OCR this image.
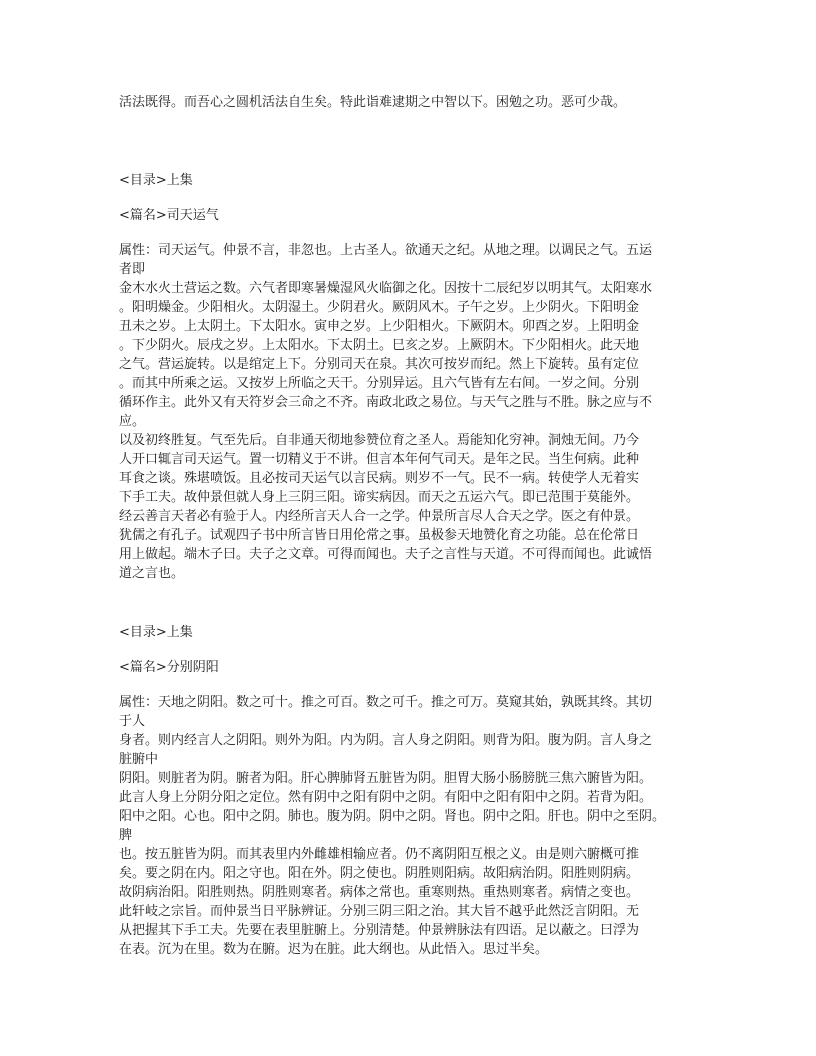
活法既得。而吾心之圆机活法自生矣。特此诣难逮期之中智以下。困勉之功。恶可少哉。

<目录>上集

<篇名>司天运气

属性：司天运气。仲景不言，非忽也。上古圣人。欲通天之纪。从地之理。以调民之气。五运

者即

金木水火土营运之数。六气者即寒暑燥湿风火临御之化。因按十二辰纪岁以明其气。太阳寒水

。阳明燥金。少阳相火。太阴湿土。少阴君火。厥阴风木。子午之岁。上少阴火。下阳明金

丑未之岁。上太阴土。下太阳水。寅申之岁。上少阳相火。下厥阴木。卯酉之岁。上阳明金

。下少阴火。辰戌之岁。上太阳水。下太阴土。巳亥之岁。上厥阴木。下少阳相火。此天地

之气。营运旋转。以是绾定上下。分别司天在泉。其次可按岁而纪。然上下旋转。虽有定位

。而其中所乘之运。又按岁上所临之天干。分别异运。且六气皆有左右间。一岁之间。分别

循环作主。此外又有天符岁会三命之不齐。南政北政之易位。与天气之胜与不胜。脉之应与不

应。

以及初终胜复。气至先后。自非通天彻地参赞位育之圣人。焉能知化穷神。洞烛无间。乃今

人开口辄言司天运气。置一切精义于不讲。但言本年何气司天。是年之民。当生何病。此种

耳食之谈。殊堪喷饭。且必按司天运气以言民病。则岁不一气。民不一病。转使学人无着实

下手工夫。故仲景但就人身上三阴三阳。谛实病因。而天之五运六气。即已范围于莫能外。

经云善言天者必有验于人。内经所言天人合一之学。仲景所言尽人合天之学。医之有仲景。

犹儒之有孔子。试观四子书中所言皆日用伦常之事。虽极参天地赞化育之功能。总在伦常日

用上做起。端木子曰。夫子之文章。可得而闻也。夫子之言性与天道。不可得而闻也。此诚悟

道之言也。

<目录>上集

<篇名>分别阴阳

属性：天地之阴阳。数之可十。推之可百。数之可千。推之可万。莫窥其始，孰既其终。其切

于人

身者。则内经言人之阴阳。则外为阳。内为阴。言人身之阴阳。则背为阳。腹为阴。言人身之

脏腑中

阴阳。则脏者为阴。腑者为阳。肝心脾肺肾五脏皆为阴。胆胃大肠小肠膀胱三焦六腑皆为阳。

此言人身上分阴分阳之定位。然有阴中之阳有阴中之阴。有阳中之阳有阳中之阴。若背为阳。

阳中之阳。心也。阳中之阴。肺也。腹为阴。阴中之阴。肾也。阴中之阳。肝也。阴中之至阴。

脾

也。按五脏皆为阴。而其表里内外雌雄相输应者。仍不离阴阳互根之义。由是则六腑概可推

矣。要之阴在内。阳之守也。阳在外。阴之使也。阴胜则阳病。故阳病治阴。阳胜则阴病。

故阴病治阳。阳胜则热。阴胜则寒者。病体之常也。重寒则热。重热则寒者。病情之变也。

此轩岐之宗旨。而仲景当日平脉辨证。分别三阴三阳之治。其大旨不越乎此然泛言阴阳。无

从把握其下手工夫。先要在表里脏腑上。分别清楚。仲景辨脉法有四语。足以蔽之。曰浮为

在表。沉为在里。数为在腑。迟为在脏。此大纲也。从此悟入。思过半矣。
